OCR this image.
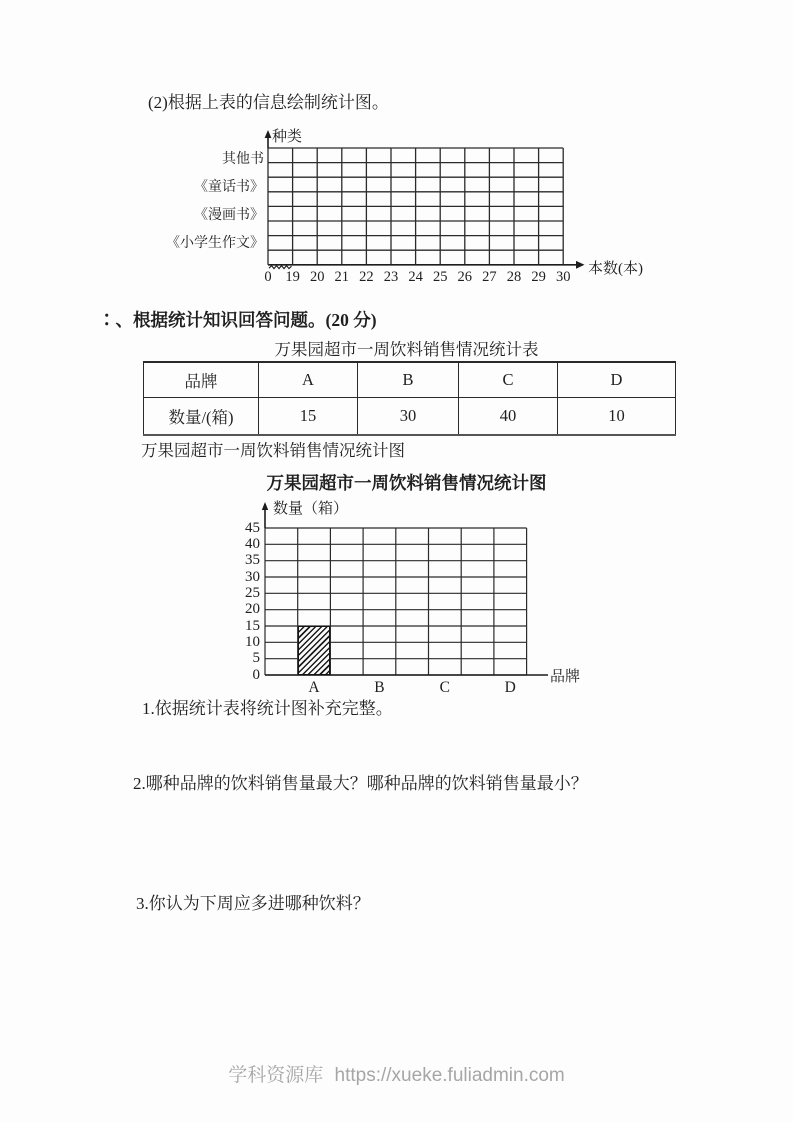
(2)根据上表的信息绘制统计图。
种类
其他书
《童话书》
《漫画书》
《小学生作文》
0 19 20 21 22 23 24 25 26 27 28 29 30	本数(本)
∶、根据统计知识回答问题。(20 分)
万果园超市一周饮料销售情况统计表
品牌	A	B	C	D
数量/(箱)	15	30	40	10
万果园超市一周饮料销售情况统计图
万果园超市一周饮料销售情况统计图
数量（箱）
45
40
35
30
25
20
15
10
5
0
A	B	C	D
品牌
1.依据统计表将统计图补充完整。
2.哪种品牌的饮料销售量最大？哪种品牌的饮料销售量最小？
3.你认为下周应多进哪种饮料？
学科资源库 https://xueke.fuliadmin.com
